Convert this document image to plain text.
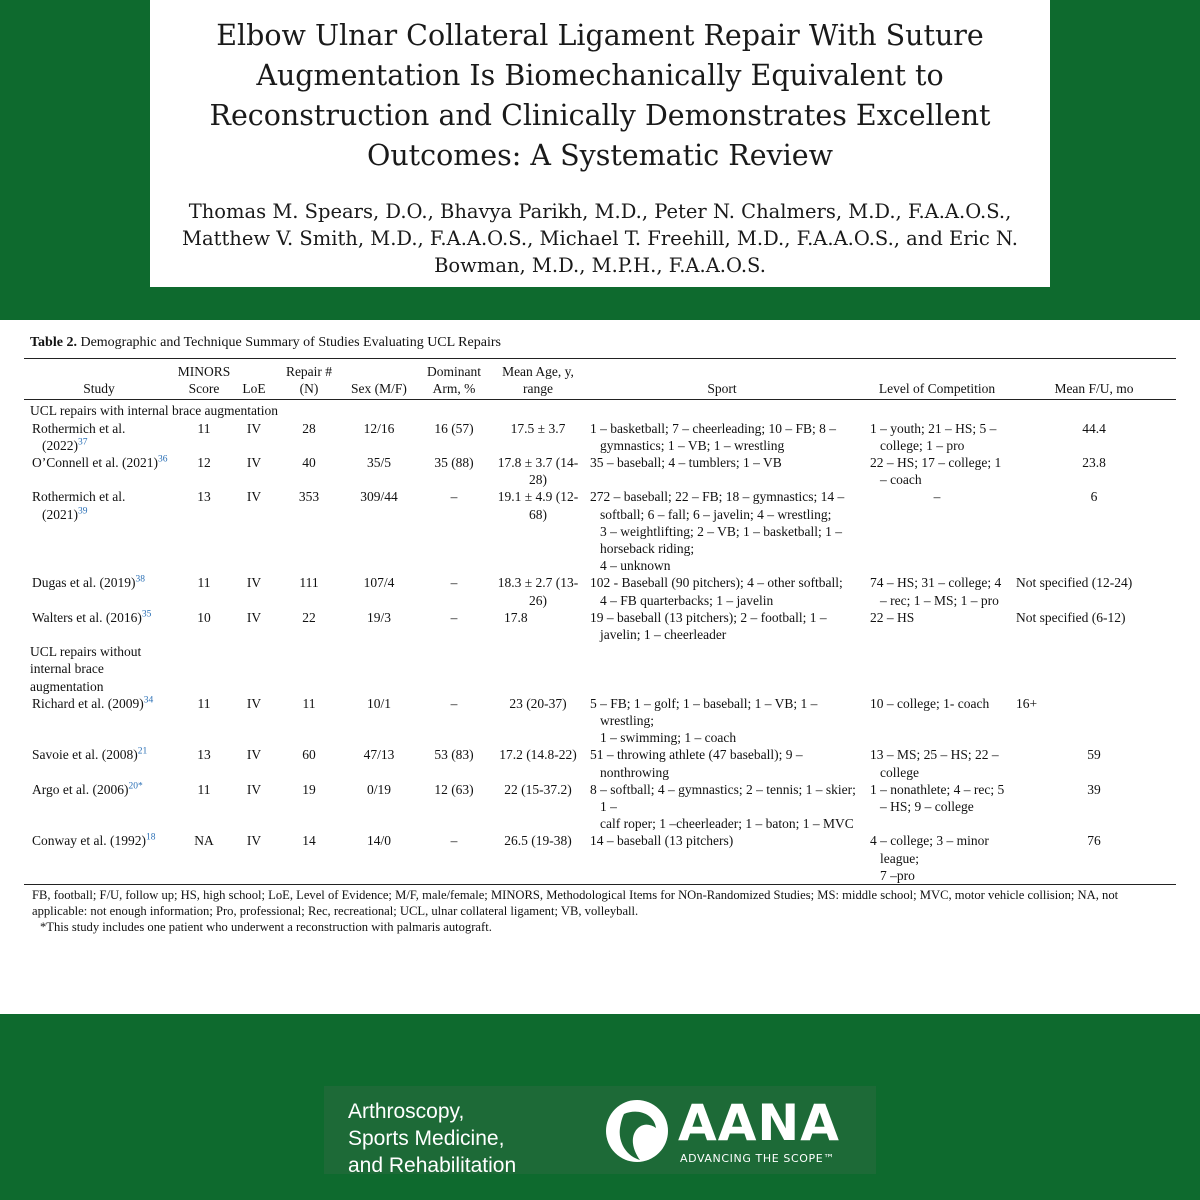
Elbow Ulnar Collateral Ligament Repair With Suture Augmentation Is Biomechanically Equivalent to Reconstruction and Clinically Demonstrates Excellent Outcomes: A Systematic Review

Thomas M. Spears, D.O., Bhavya Parikh, M.D., Peter N. Chalmers, M.D., F.A.A.O.S., Matthew V. Smith, M.D., F.A.A.O.S., Michael T. Freehill, M.D., F.A.A.O.S., and Eric N. Bowman, M.D., M.P.H., F.A.A.O.S.

Table 2. Demographic and Technique Summary of Studies Evaluating UCL Repairs

Study	MINORS Score	LoE	Repair # (N)	Sex (M/F)	Dominant Arm, %	Mean Age, y, range	Sport	Level of Competition	Mean F/U, mo
UCL repairs with internal brace augmentation									
Rothermich et al. (2022)$^{37}$	11	IV	28	12/16	16 (57)	17.5 ± 3.7	1 – basketball; 7 – cheerleading; 10 – FB; 8 – gymnastics; 1 – VB; 1 – wrestling	1 – youth; 21 – HS; 5 – college; 1 – pro	44.4
O’Connell et al. (2021)$^{36}$	12	IV	40	35/5	35 (88)	17.8 ± 3.7 (14-28)	35 – baseball; 4 – tumblers; 1 – VB	22 – HS; 17 – college; 1 – coach	23.8
Rothermich et al. (2021)$^{39}$	13	IV	353	309/44	–	19.1 ± 4.9 (12-68)	272 – baseball; 22 – FB; 18 – gymnastics; 14 – softball; 6 – fall; 6 – javelin; 4 – wrestling;
3 – weightlifting; 2 – VB; 1 – basketball; 1 –
horseback riding;
4 – unknown	–	6
Dugas et al. (2019)$^{38}$	11	IV	111	107/4	–	18.3 ± 2.7 (13-26)	102 - Baseball (90 pitchers); 4 – other softball;
4 – FB quarterbacks; 1 – javelin	74 – HS; 31 – college; 4 – rec; 1 – MS; 1 – pro	Not specified (12-24)
Walters et al. (2016)$^{35}$	10	IV	22	19/3	–	17.8	19 – baseball (13 pitchers); 2 – football; 1 – javelin; 1 – cheerleader	22 – HS	Not specified (6-12)
UCL repairs without internal brace augmentation									
Richard et al. (2009)$^{34}$	11	IV	11	10/1	–	23 (20-37)	5 – FB; 1 – golf; 1 – baseball; 1 – VB; 1 – wrestling;
1 – swimming; 1 – coach	10 – college; 1- coach	16+
Savoie et al. (2008)$^{21}$	13	IV	60	47/13	53 (83)	17.2 (14.8-22)	51 – throwing athlete (47 baseball); 9 – nonthrowing	13 – MS; 25 – HS; 22 – college	59
Argo et al. (2006)$^{20*}$	11	IV	19	0/19	12 (63)	22 (15-37.2)	8 – softball; 4 – gymnastics; 2 – tennis; 1 – skier; 1 –
calf roper; 1 –cheerleader; 1 – baton; 1 – MVC	1 – nonathlete; 4 – rec; 5 – HS; 9 – college	39
Conway et al. (1992)$^{18}$	NA	IV	14	14/0	–	26.5 (19-38)	14 – baseball (13 pitchers)	4 – college; 3 – minor league;
7 –pro	76

FB, football; F/U, follow up; HS, high school; LoE, Level of Evidence; M/F, male/female; MINORS, Methodological Items for NOn-Randomized Studies; MS: middle school; MVC, motor vehicle collision; NA, not applicable: not enough information; Pro, professional; Rec, recreational; UCL, ulnar collateral ligament; VB, volleyball.

*This study includes one patient who underwent a reconstruction with palmaris autograft.

Arthroscopy,
Sports Medicine,
and Rehabilitation
AANA
ADVANCING THE SCOPE™
